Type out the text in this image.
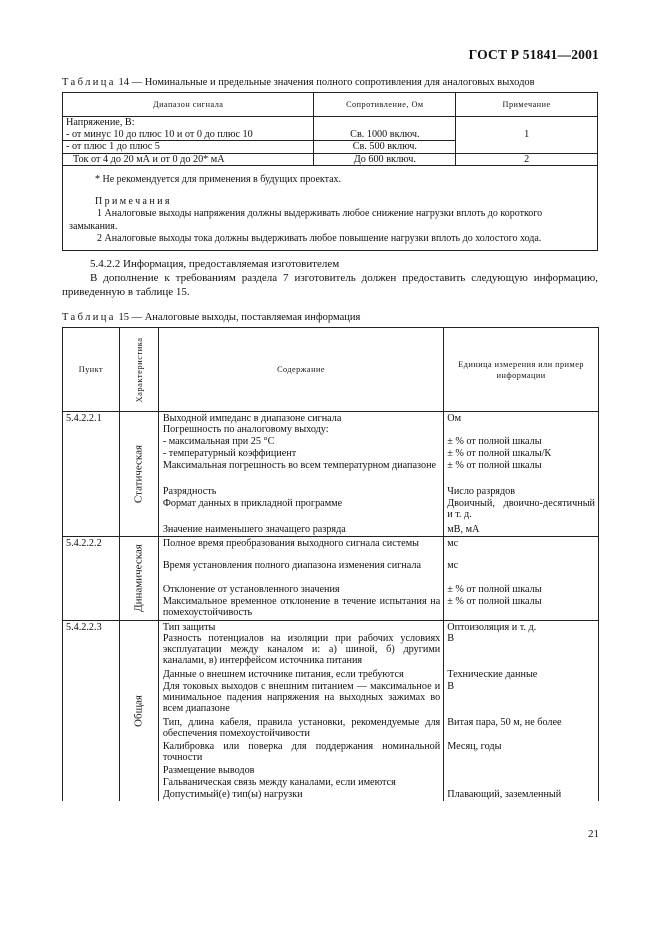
ГОСТ Р 51841—2001
Таблица 14 — Номинальные и предельные значения полного сопротивления для аналоговых выходов
Диапазон сигнала	Сопротивление, Ом	Примечание

Напряжение, В:
- от минус 10 до плюс 10 и от 0 до плюс 10	Св. 1000 включ.	1
- от плюс 1 до плюс 5	Св. 500 включ.	
Ток от 4 до 20 мА и от 0 до 20* мА	До 600 включ.	2

* Не рекомендуется для применения в будущих проектах.
Примечания
1 Аналоговые выходы напряжения должны выдерживать любое снижение нагрузки вплоть до короткого замыкания.
2 Аналоговые выходы тока должны выдерживать любое повышение нагрузки вплоть до холостого хода.		

5.4.2.2 Информация, предоставляемая изготовителем

В дополнение к требованиям раздела 7 изготовитель должен предоставить следующую информацию, приведенную в таблице 15.

Таблица 15 — Аналоговые выходы, поставляемая информация
Пункт	Характеристика	Содержание	Единица измерения или пример информации
5.4.2.2.1	Статическая	Выходной импеданс в диапазоне сигнала	Ом
		Погрешность по аналоговому выходу:	
		- максимальная при 25 °С	± % от полной шкалы
		- температурный коэффициент	± % от полной шкалы/К
		Максимальная погрешность во всем температурном диапазоне	± % от полной шкалы
		Разрядность	Число разрядов
		Формат данных в прикладной программе	Двоичный, двоично-десятичный и т. д.
		Значение наименьшего значащего разряда	мВ, мА
5.4.2.2.2	Динамическая	Полное время преобразования выходного сигнала системы	мс
		Время установления полного диапазона изменения сигнала	мс
		Отклонение от установленного значения	± % от полной шкалы
		Максимальное временное отклонение в течение испытания на помехоустойчивость	± % от полной шкалы
5.4.2.2.3	Общая	Тип защиты	Оптоизоляция и т. д.
		Разность потенциалов на изоляции при рабочих условиях эксплуатации между каналом и: а) шиной, б) другими каналами, в) интерфейсом источника питания	В
		Данные о внешнем источнике питания, если требуются	Технические данные
		Для токовых выходов с внешним питанием — максимальное и минимальное падения напряжения на выходных зажимах во всем диапазоне	В
		Тип, длина кабеля, правила установки, рекомендуемые для обеспечения помехоустойчивости	Витая пара, 50 м, не более
		Калибровка или поверка для поддержания номинальной точности	Месяц, годы
		Размещение выводов	
		Гальваническая связь между каналами, если имеются	
		Допустимый(е) тип(ы) нагрузки	Плавающий, заземленный
21
